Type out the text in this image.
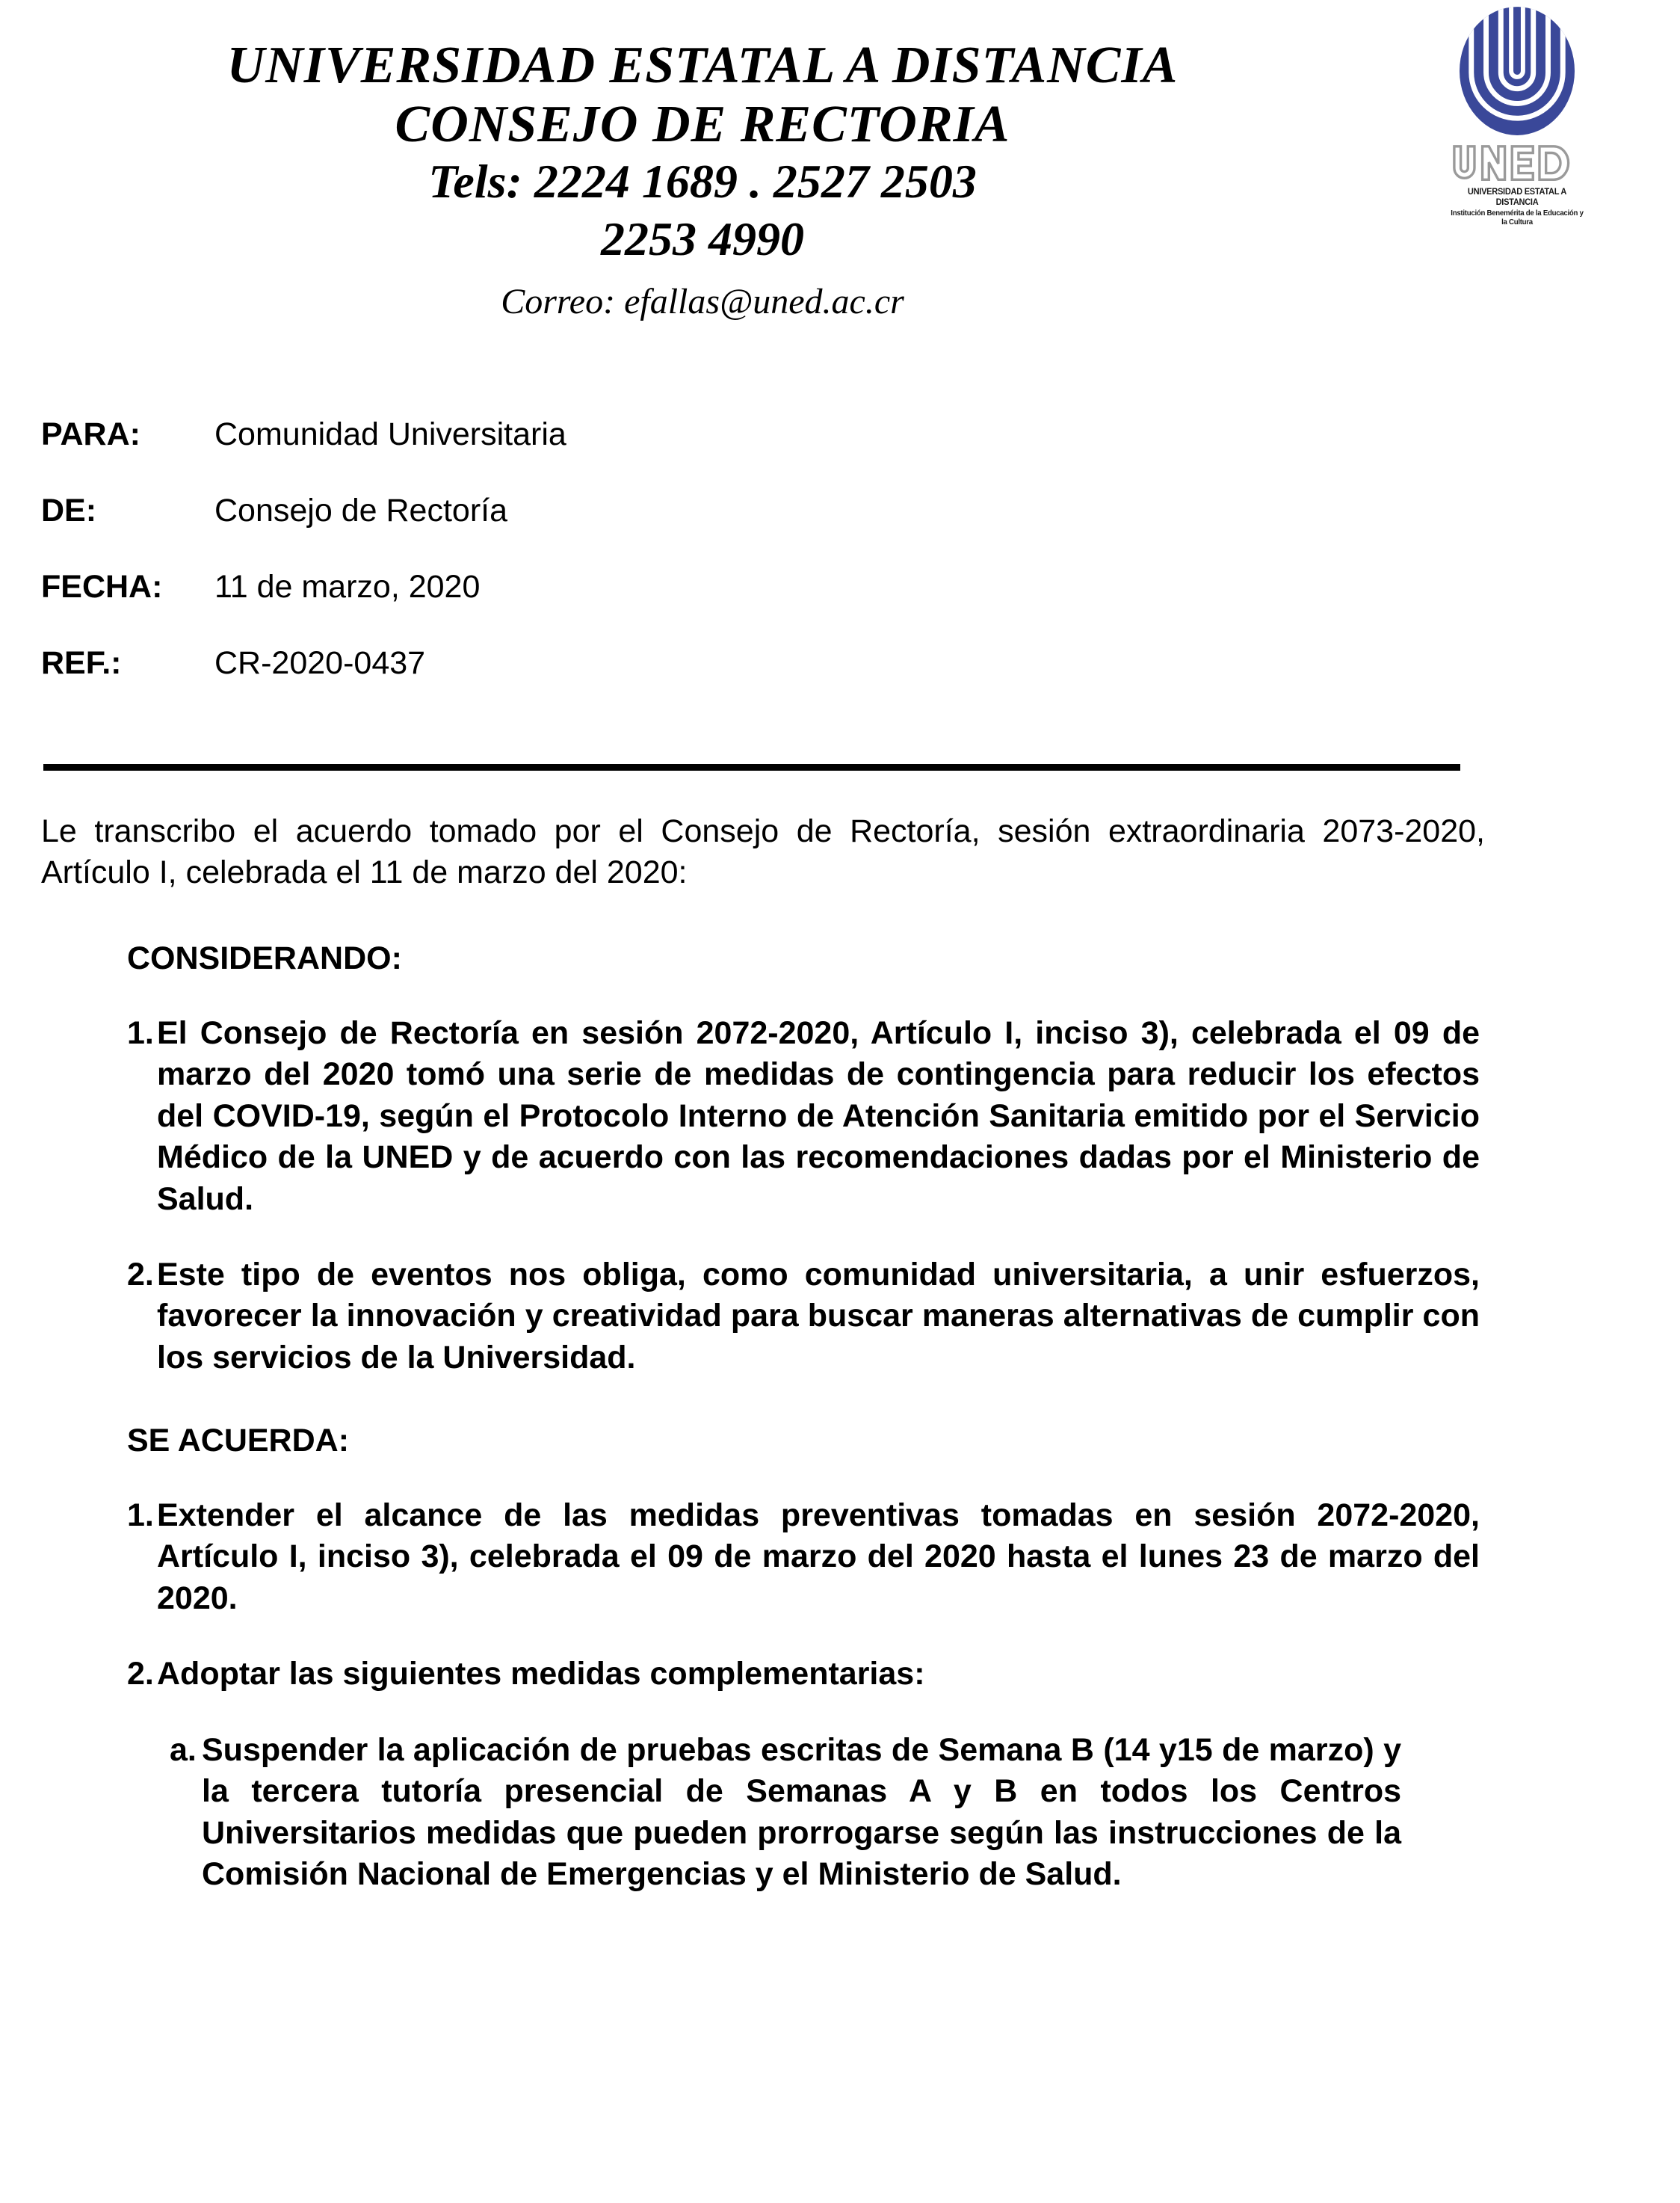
UNIVERSIDAD ESTATAL A DISTANCIA
CONSEJO DE RECTORIA
Tels: 2224 1689 . 2527 2503
2253 4990
Correo: efallas@uned.ac.cr
UNIVERSIDAD ESTATAL A DISTANCIA
Institución Benemérita de la Educación y la Cultura
PARA:	Comunidad Universitaria
DE:	Consejo de Rectoría
FECHA:	11 de marzo, 2020
REF.:	CR-2020-0437

Le transcribo el acuerdo tomado por el Consejo de Rectoría, sesión extraordinaria 2073-2020, Artículo I, celebrada el 11 de marzo del 2020:

CONSIDERANDO:
1. El Consejo de Rectoría en sesión 2072-2020, Artículo I, inciso 3), celebrada el 09 de marzo del 2020 tomó una serie de medidas de contingencia para reducir los efectos del COVID-19, según el Protocolo Interno de Atención Sanitaria emitido por el Servicio Médico de la UNED y de acuerdo con las recomendaciones dadas por el Ministerio de Salud.
2. Este tipo de eventos nos obliga, como comunidad universitaria, a unir esfuerzos, favorecer la innovación y creatividad para buscar maneras alternativas de cumplir con los servicios de la Universidad.
SE ACUERDA:
1. Extender el alcance de las medidas preventivas tomadas en sesión 2072-2020, Artículo I, inciso 3), celebrada el 09 de marzo del 2020 hasta el lunes 23 de marzo del 2020.
2. Adoptar las siguientes medidas complementarias:
a. Suspender la aplicación de pruebas escritas de Semana B (14 y15 de marzo) y la tercera tutoría presencial de Semanas A y B en todos los Centros Universitarios medidas que pueden prorrogarse según las instrucciones de la Comisión Nacional de Emergencias y el Ministerio de Salud.
